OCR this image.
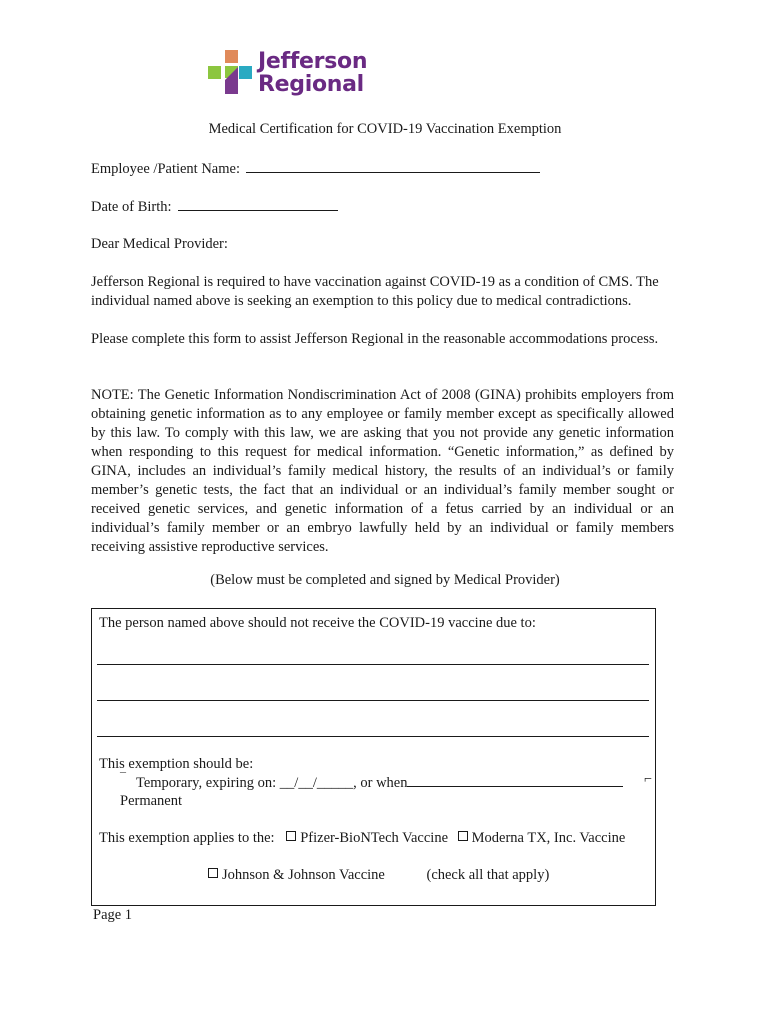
Jefferson
Regional
Medical Certification for COVID-19 Vaccination Exemption
Employee /Patient Name:
Date of Birth:
Dear Medical Provider:
Jefferson Regional is required to have vaccination against COVID-19 as a condition of CMS. The individual named above is seeking an exemption to this policy due to medical contradictions.
Please complete this form to assist Jefferson Regional in the reasonable accommodations process.
NOTE: The Genetic Information Nondiscrimination Act of 2008 (GINA) prohibits employers from obtaining genetic information as to any employee or family member except as specifically allowed by this law. To comply with this law, we are asking that you not provide any genetic information when responding to this request for medical information. “Genetic information,” as defined by GINA, includes an individual’s family medical history, the results of an individual’s or family member’s genetic tests, the fact that an individual or an individual’s family member sought or received genetic services, and genetic information of a fetus carried by an individual or an individual’s family member or an embryo lawfully held by an individual or family members receiving assistive reproductive services.
(Below must be completed and signed by Medical Provider)
The person named above should not receive the COVID-19 vaccine due to:
This exemption should be:
¯ Temporary, expiring on: __/__/_____, or when	⌐
Permanent
This exemption applies to the: Pfizer-BioNTech Vaccine Moderna TX, Inc. Vaccine
Johnson & Johnson Vaccine	(check all that apply)
Page 1
